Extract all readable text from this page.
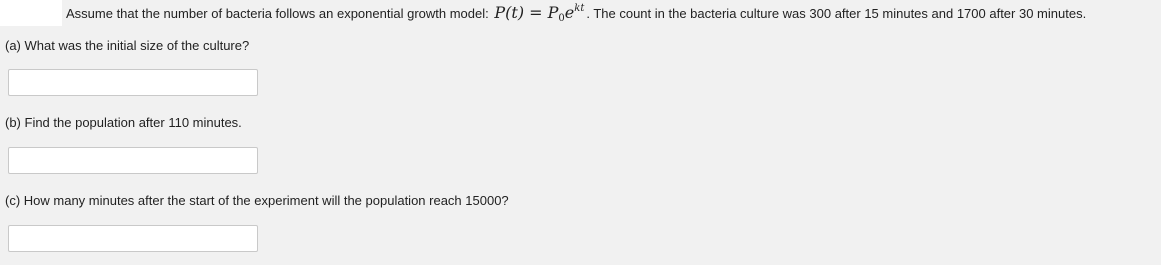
Assume that the number of bacteria follows an exponential growth model: $P(t) = P0e^{kt}$ . The count in the bacteria culture was 300 after 15 minutes and 1700 after 30 minutes.
(a) What was the initial size of the culture?
(b) Find the population after 110 minutes.
(c) How many minutes after the start of the experiment will the population reach 15000?
